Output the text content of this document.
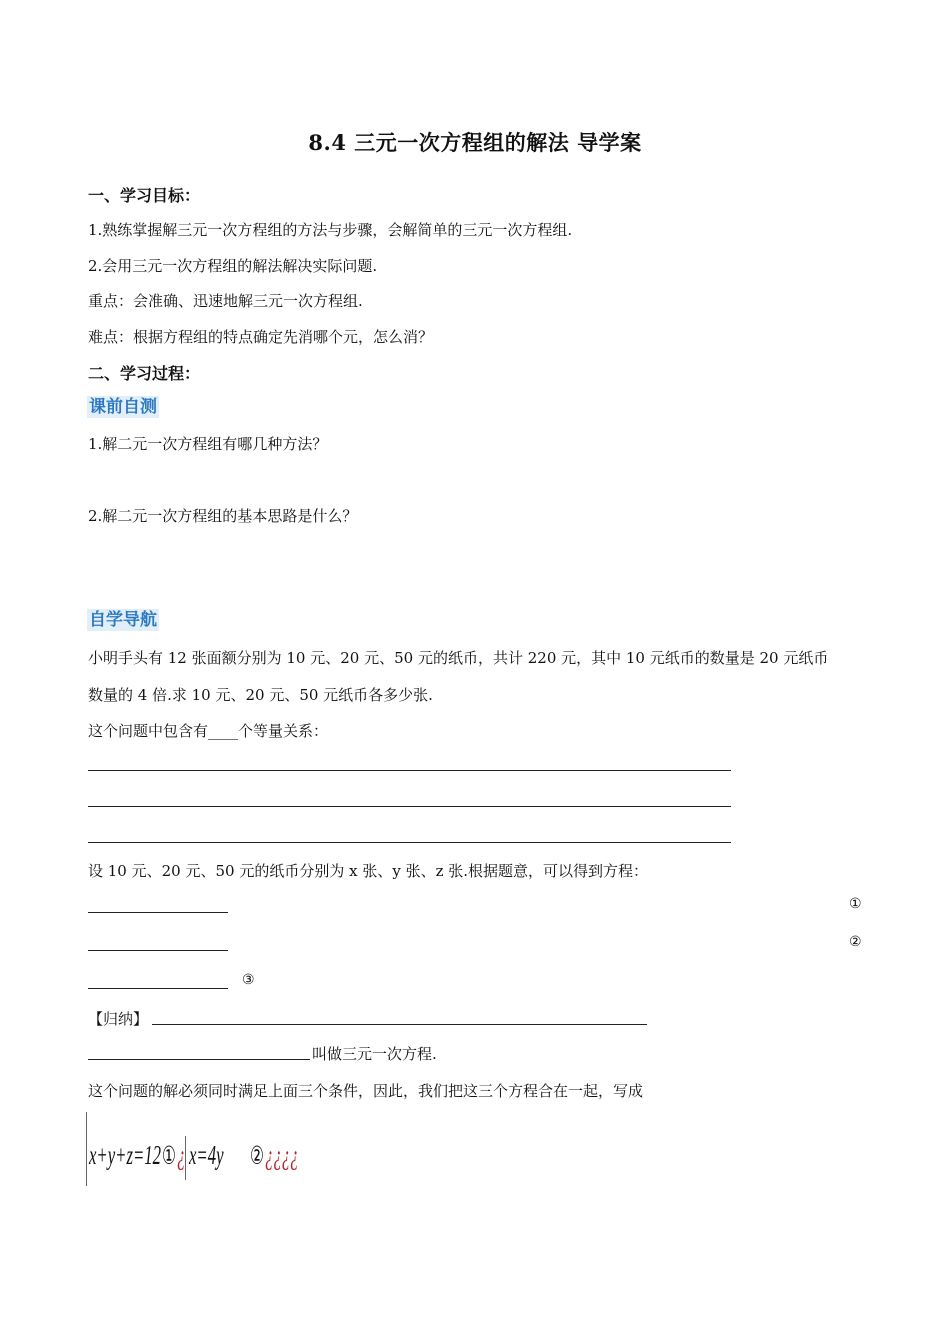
8.4 三元一次方程组的解法 导学案
一、学习目标：
1.熟练掌握解三元一次方程组的方法与步骤，会解简单的三元一次方程组.
2.会用三元一次方程组的解法解决实际问题.
重点：会准确、迅速地解三元一次方程组.
难点：根据方程组的特点确定先消哪个元，怎么消？
二、学习过程：
课前自测
1.解二元一次方程组有哪几种方法？
2.解二元一次方程组的基本思路是什么？
自学导航
小明手头有 12 张面额分别为 10 元、20 元、50 元的纸币，共计 220 元，其中 10 元纸币的数量是 20 元纸币
数量的 4 倍.求 10 元、20 元、50 元纸币各多少张.
这个问题中包含有____个等量关系：
设 10 元、20 元、50 元的纸币分别为 x 张、y 张、z 张.根据题意，可以得到方程：
①
②
③
【归纳】
叫做三元一次方程.
这个问题的解必须同时满足上面三个条件，因此，我们把这三个方程合在一起，写成
x+y+z=12 ① ¿ x=4y ② ¿¿¿¿
